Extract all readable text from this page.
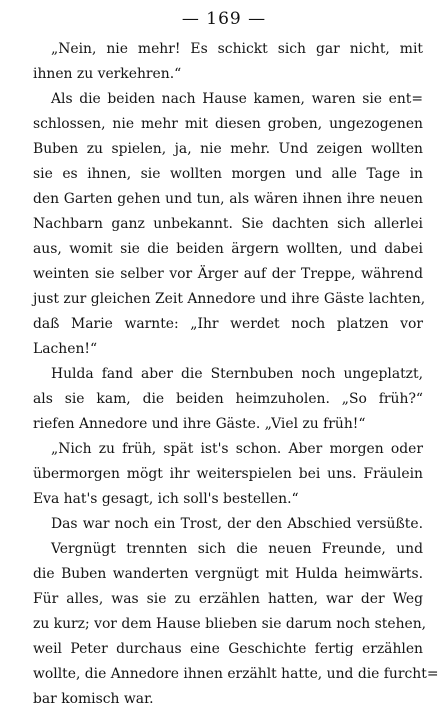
— 169 —
„Nein, nie mehr! Es schickt sich gar nicht, mit
ihnen zu verkehren.“
Als die beiden nach Hause kamen, waren sie ent=
schlossen, nie mehr mit diesen groben, ungezogenen
Buben zu spielen, ja, nie mehr. Und zeigen wollten
sie es ihnen, sie wollten morgen und alle Tage in
den Garten gehen und tun, als wären ihnen ihre neuen
Nachbarn ganz unbekannt. Sie dachten sich allerlei
aus, womit sie die beiden ärgern wollten, und dabei
weinten sie selber vor Ärger auf der Treppe, während
just zur gleichen Zeit Annedore und ihre Gäste lachten,
daß Marie warnte: „Ihr werdet noch platzen vor
Lachen!“
Hulda fand aber die Sternbuben noch ungeplatzt,
als sie kam, die beiden heimzuholen. „So früh?“
riefen Annedore und ihre Gäste. „Viel zu früh!“
„Nich zu früh, spät ist's schon. Aber morgen oder
übermorgen mögt ihr weiterspielen bei uns. Fräulein
Eva hat's gesagt, ich soll's bestellen.“
Das war noch ein Trost, der den Abschied versüßte.
Vergnügt trennten sich die neuen Freunde, und
die Buben wanderten vergnügt mit Hulda heimwärts.
Für alles, was sie zu erzählen hatten, war der Weg
zu kurz; vor dem Hause blieben sie darum noch stehen,
weil Peter durchaus eine Geschichte fertig erzählen
wollte, die Annedore ihnen erzählt hatte, und die furcht=
bar komisch war.
